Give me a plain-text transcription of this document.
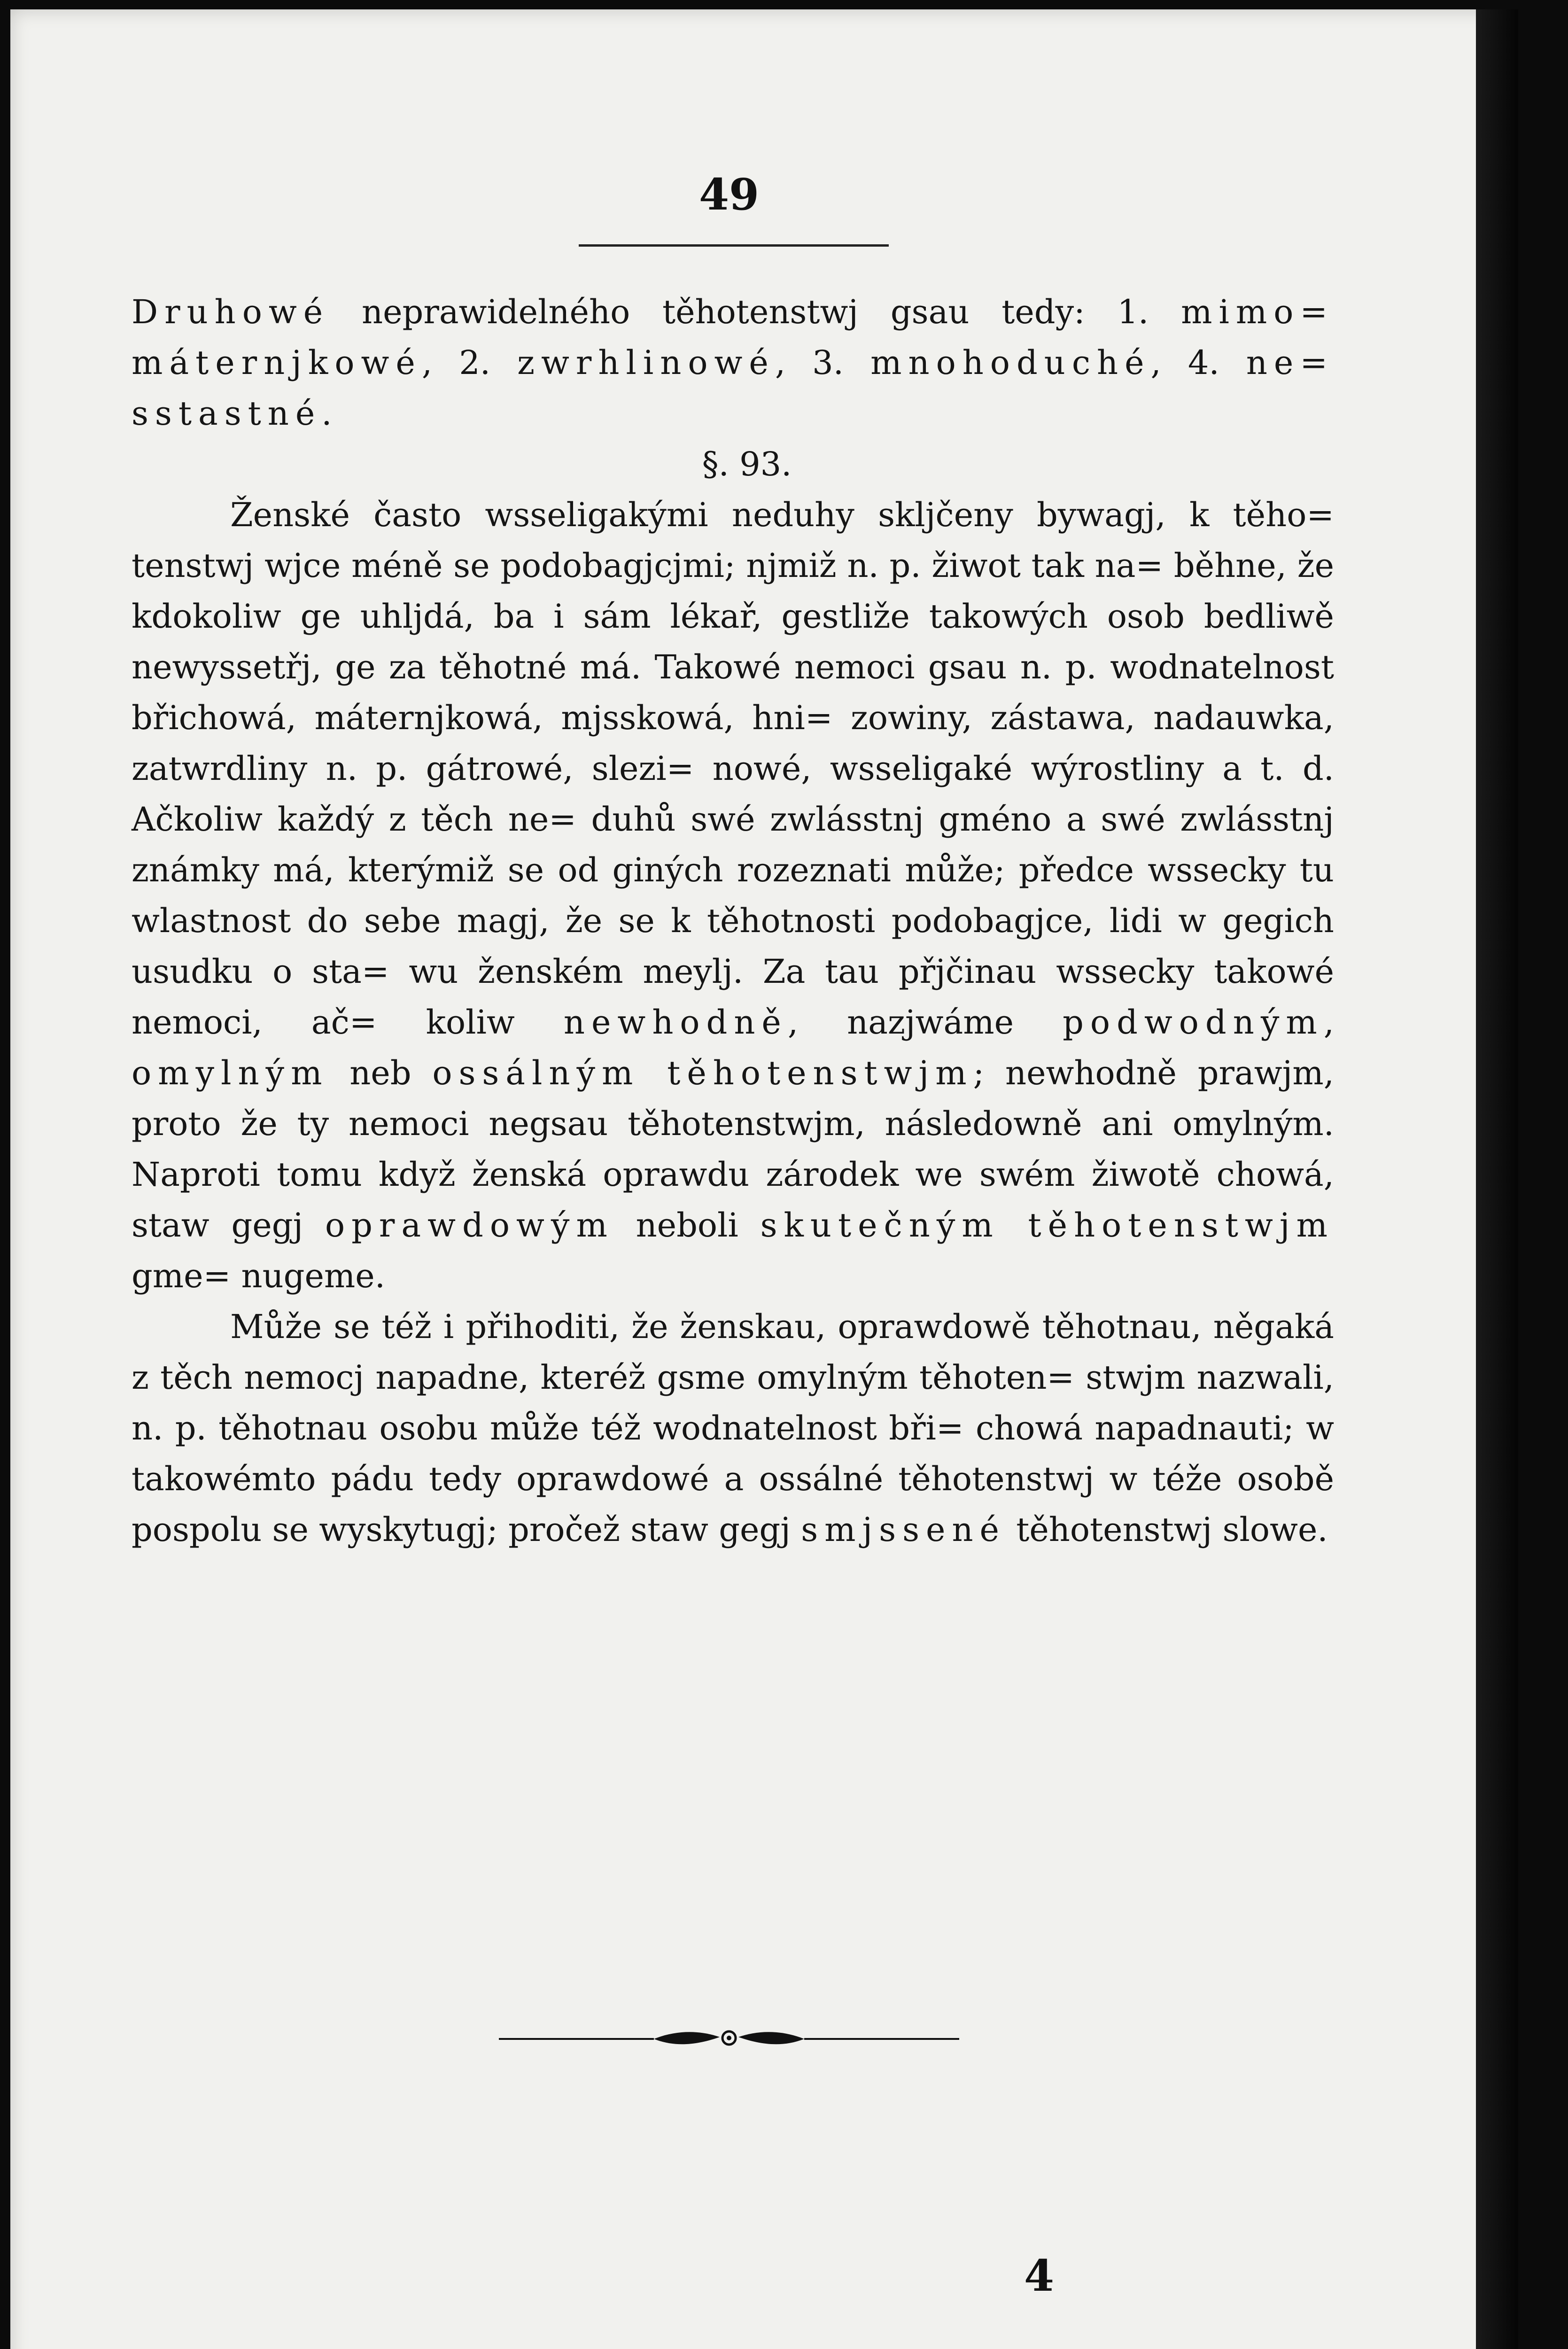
49

Druhowé neprawidelného těhotenstwj gsau tedy: 1. mimo= máternjkowé, 2. zwrhlinowé, 3. mnohoduché, 4. ne= sstastné.

§. 93.

Ženské často wsseligakými neduhy skljčeny bywagj, k těho= tenstwj wjce méně se podobagjcjmi; njmiž n. p. žiwot tak na= běhne, že kdokoliw ge uhljdá, ba i sám lékař, gestliže takowých osob bedliwě newyssetřj, ge za těhotné má. Takowé nemoci gsau n. p. wodnatelnost břichowá, máternjkowá, mjsskowá, hni= zowiny, zástawa, nadauwka, zatwrdliny n. p. gátrowé, slezi= nowé, wsseligaké wýrostliny a t. d. Ačkoliw každý z těch ne= duhů swé zwlásstnj gméno a swé zwlásstnj známky má, kterýmiž se od giných rozeznati může; předce wssecky tu wlastnost do sebe magj, že se k těhotnosti podobagjce, lidi w gegich usudku o sta= wu ženském meylj. Za tau přjčinau wssecky takowé nemoci, ač= koliw newhodně, nazjwáme podwodným, omylným neb ossálným těhotenstwjm; newhodně prawjm, proto že ty nemoci negsau těhotenstwjm, následowně ani omylným. Naproti tomu když ženská oprawdu zárodek we swém žiwotě chowá, staw gegj oprawdowým neboli skutečným těhotenstwjm gme= nugeme.

Může se též i přihoditi, že ženskau, oprawdowě těhotnau, něgaká z těch nemocj napadne, kteréž gsme omylným těhoten= stwjm nazwali, n. p. těhotnau osobu může též wodnatelnost bři= chowá napadnauti; w takowémto pádu tedy oprawdowé a ossálné těhotenstwj w téže osobě pospolu se wyskytugj; pročež staw gegj smjssené těhotenstwj slowe.

4
